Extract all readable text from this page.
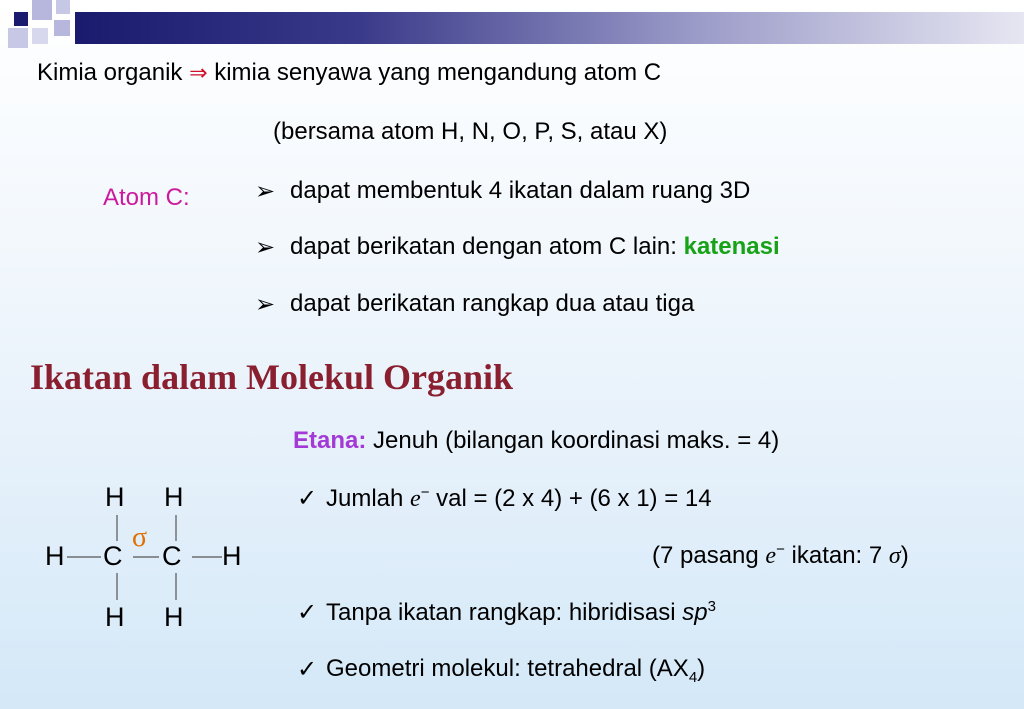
Kimia organik ⇒ kimia senyawa yang mengandung atom C
(bersama atom H, N, O, P, S, atau X)
Atom C:	➢ dapat membentuk 4 ikatan dalam ruang 3D
➢ dapat berikatan dengan atom C lain: katenasi
➢ dapat berikatan rangkap dua atau tiga
Ikatan dalam Molekul Organik
Etana: Jenuh (bilangan koordinasi maks. = 4)
✓ Jumlah e− val = (2 x 4) + (6 x 1) = 14
(7 pasang e− ikatan: 7 σ)
✓ Tanpa ikatan rangkap: hibridisasi $sp^3$
✓ Geometri molekul: tetrahedral $(AX_4)$
H H
H C
σ
C H
H H
